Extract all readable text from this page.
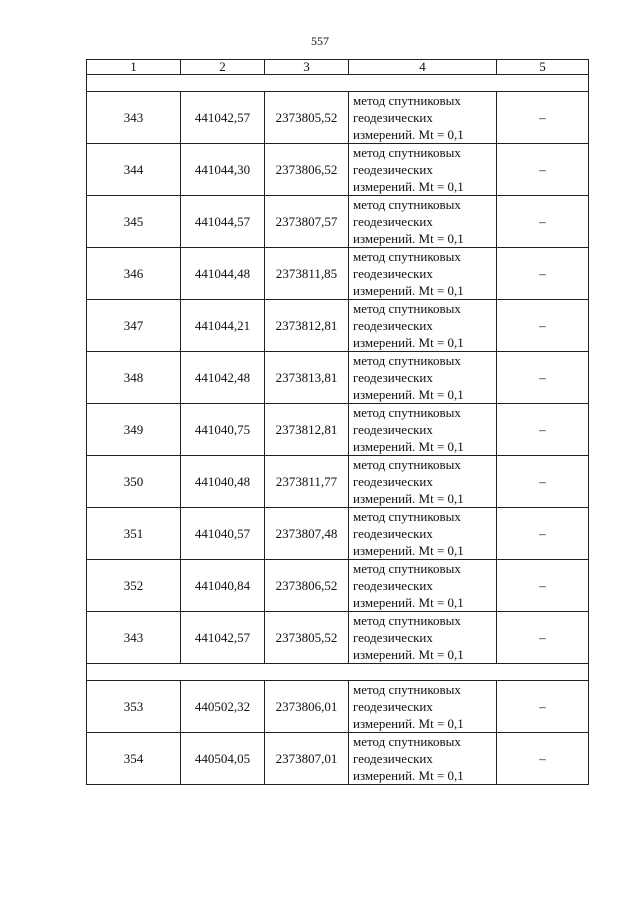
557
1	2	3	4	5

343	441042,57	2373805,52	метод спутниковых
геодезических
измерений. Mt = 0,1	–
344	441044,30	2373806,52	метод спутниковых
геодезических
измерений. Mt = 0,1	–
345	441044,57	2373807,57	метод спутниковых
геодезических
измерений. Mt = 0,1	–
346	441044,48	2373811,85	метод спутниковых
геодезических
измерений. Mt = 0,1	–
347	441044,21	2373812,81	метод спутниковых
геодезических
измерений. Mt = 0,1	–
348	441042,48	2373813,81	метод спутниковых
геодезических
измерений. Mt = 0,1	–
349	441040,75	2373812,81	метод спутниковых
геодезических
измерений. Mt = 0,1	–
350	441040,48	2373811,77	метод спутниковых
геодезических
измерений. Mt = 0,1	–
351	441040,57	2373807,48	метод спутниковых
геодезических
измерений. Mt = 0,1	–
352	441040,84	2373806,52	метод спутниковых
геодезических
измерений. Mt = 0,1	–
343	441042,57	2373805,52	метод спутниковых
геодезических
измерений. Mt = 0,1	–

353	440502,32	2373806,01	метод спутниковых
геодезических
измерений. Mt = 0,1	–
354	440504,05	2373807,01	метод спутниковых
геодезических
измерений. Mt = 0,1	–
